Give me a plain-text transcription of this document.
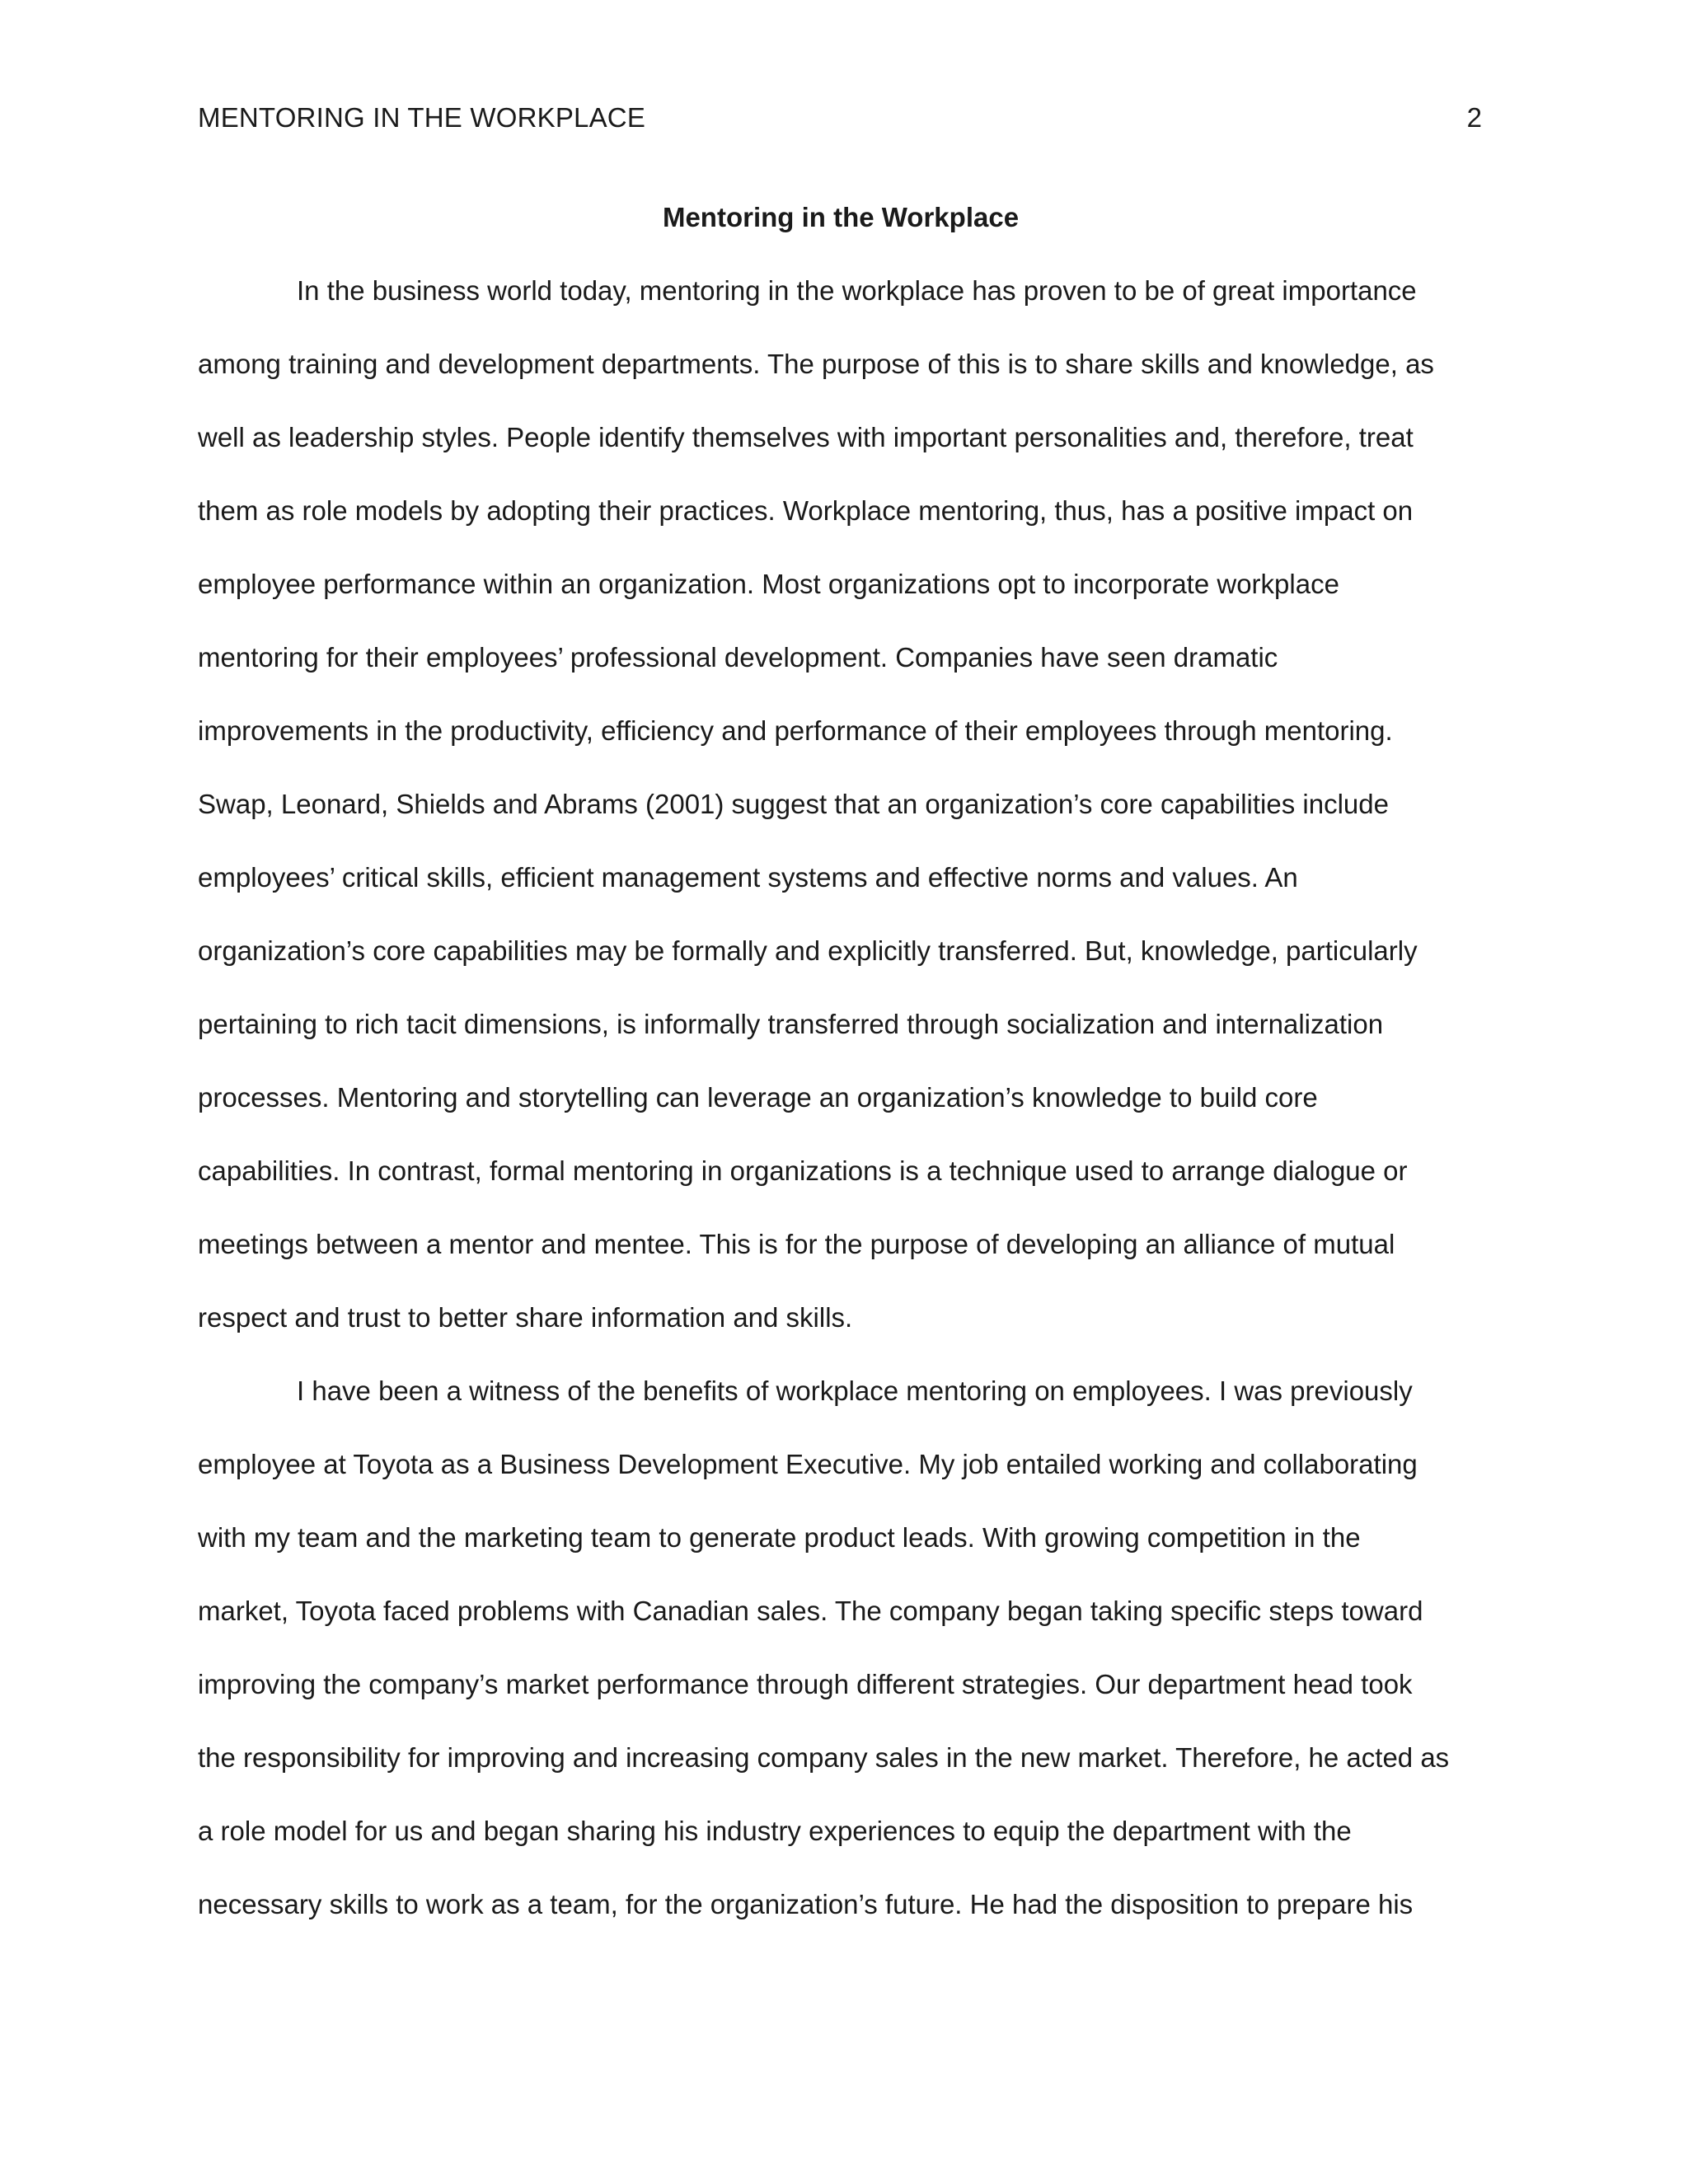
MENTORING IN THE WORKPLACE	2
Mentoring in the Workplace
In the business world today, mentoring in the workplace has proven to be of great importance
among training and development departments. The purpose of this is to share skills and knowledge, as
well as leadership styles. People identify themselves with important personalities and, therefore, treat
them as role models by adopting their practices. Workplace mentoring, thus, has a positive impact on
employee performance within an organization. Most organizations opt to incorporate workplace
mentoring for their employees’ professional development. Companies have seen dramatic
improvements in the productivity, efficiency and performance of their employees through mentoring.
Swap, Leonard, Shields and Abrams (2001) suggest that an organization’s core capabilities include
employees’ critical skills, efficient management systems and effective norms and values. An
organization’s core capabilities may be formally and explicitly transferred. But, knowledge, particularly
pertaining to rich tacit dimensions, is informally transferred through socialization and internalization
processes. Mentoring and storytelling can leverage an organization’s knowledge to build core
capabilities. In contrast, formal mentoring in organizations is a technique used to arrange dialogue or
meetings between a mentor and mentee. This is for the purpose of developing an alliance of mutual
respect and trust to better share information and skills.
I have been a witness of the benefits of workplace mentoring on employees. I was previously
employee at Toyota as a Business Development Executive. My job entailed working and collaborating
with my team and the marketing team to generate product leads. With growing competition in the
market, Toyota faced problems with Canadian sales. The company began taking specific steps toward
improving the company’s market performance through different strategies. Our department head took
the responsibility for improving and increasing company sales in the new market. Therefore, he acted as
a role model for us and began sharing his industry experiences to equip the department with the
necessary skills to work as a team, for the organization’s future. He had the disposition to prepare his
